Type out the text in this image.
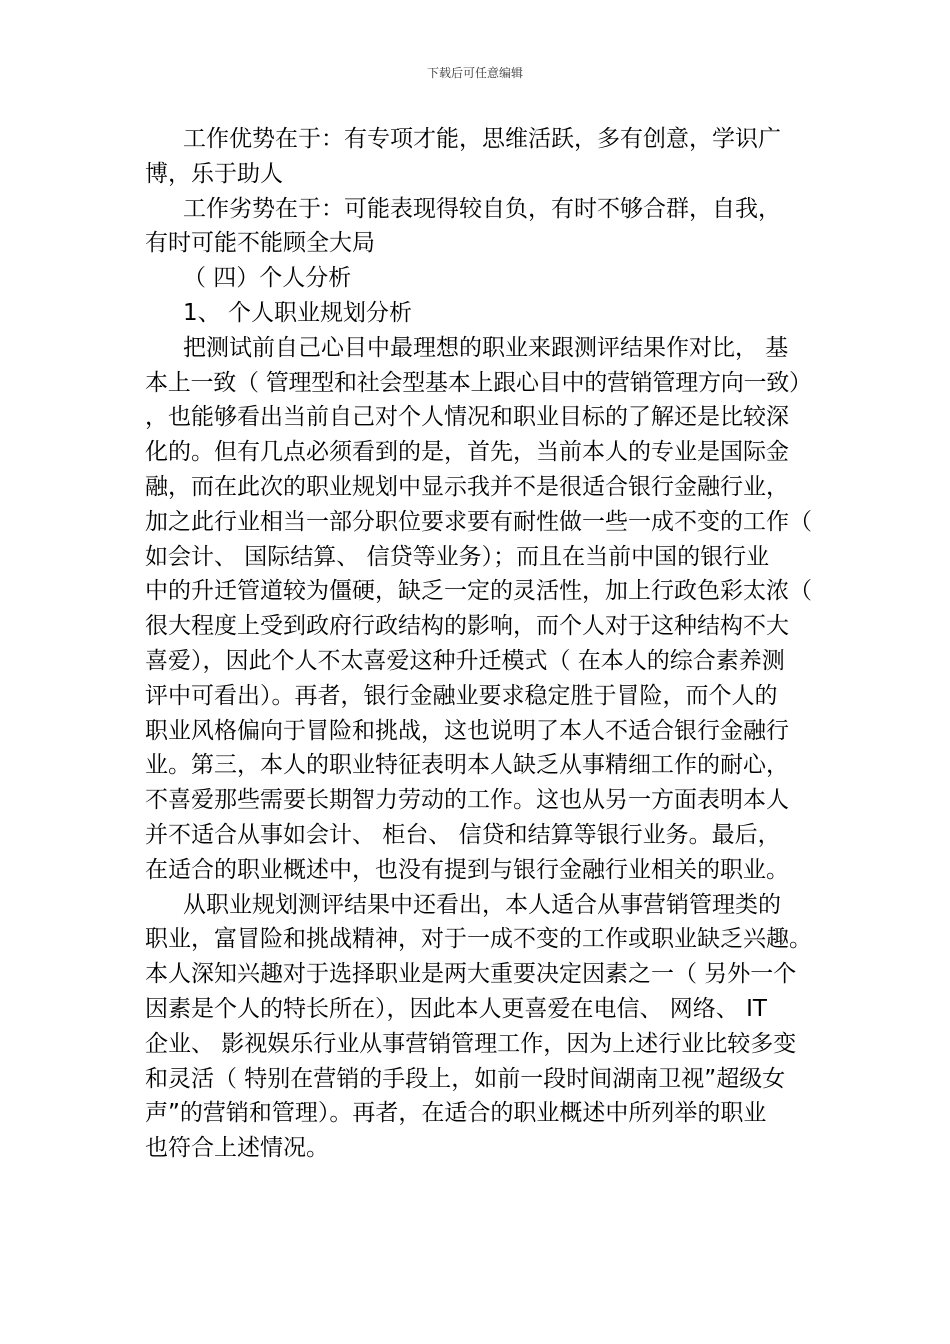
下载后可任意编辑
工作优势在于：有专项才能，思维活跃，多有创意，学识广
博，乐于助人
工作劣势在于：可能表现得较自负，有时不够合群，自我，
有时可能不能顾全大局
（ 四）个人分析
1、 个人职业规划分析
把测试前自己心目中最理想的职业来跟测评结果作对比， 基
本上一致（ 管理型和社会型基本上跟心目中的营销管理方向一致）
，也能够看出当前自己对个人情况和职业目标的了解还是比较深
化的。但有几点必须看到的是，首先，当前本人的专业是国际金
融，而在此次的职业规划中显示我并不是很适合银行金融行业，
加之此行业相当一部分职位要求要有耐性做一些一成不变的工作（
如会计、 国际结算、 信贷等业务）；而且在当前中国的银行业
中的升迁管道较为僵硬，缺乏一定的灵活性，加上行政色彩太浓（
很大程度上受到政府行政结构的影响，而个人对于这种结构不大
喜爱），因此个人不太喜爱这种升迁模式（ 在本人的综合素养测
评中可看出）。再者，银行金融业要求稳定胜于冒险，而个人的
职业风格偏向于冒险和挑战，这也说明了本人不适合银行金融行
业。第三，本人的职业特征表明本人缺乏从事精细工作的耐心，
不喜爱那些需要长期智力劳动的工作。这也从另一方面表明本人
并不适合从事如会计、 柜台、 信贷和结算等银行业务。最后，
在适合的职业概述中，也没有提到与银行金融行业相关的职业。
从职业规划测评结果中还看出，本人适合从事营销管理类的
职业，富冒险和挑战精神，对于一成不变的工作或职业缺乏兴趣。
本人深知兴趣对于选择职业是两大重要决定因素之一（ 另外一个
因素是个人的特长所在），因此本人更喜爱在电信、 网络、 IT
企业、 影视娱乐行业从事营销管理工作，因为上述行业比较多变
和灵活（ 特别在营销的手段上，如前一段时间湖南卫视”超级女
声”的营销和管理）。再者，在适合的职业概述中所列举的职业
也符合上述情况。
